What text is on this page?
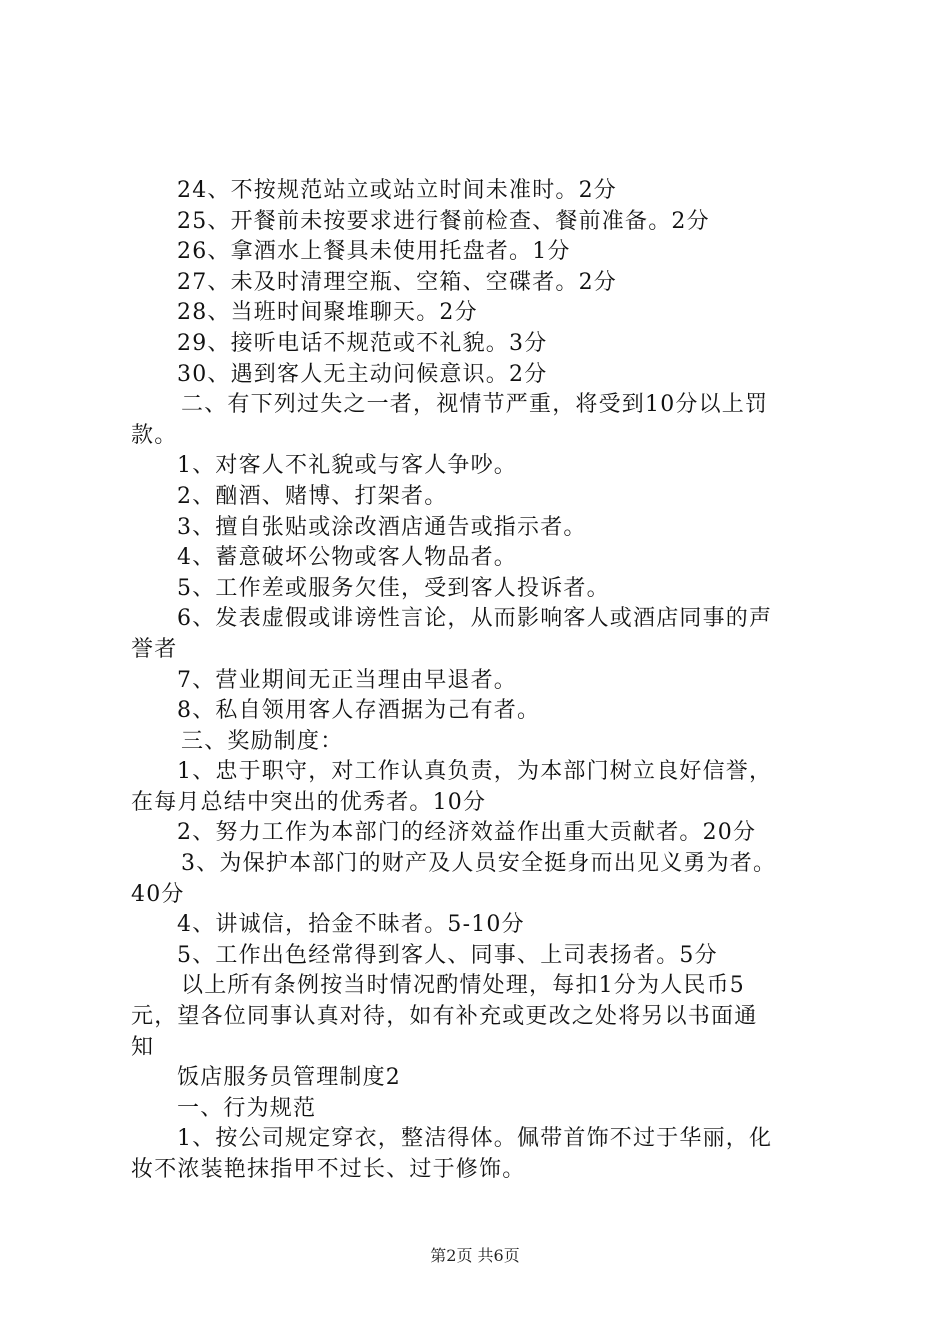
24、不按规范站立或站立时间未准时。2分
25、开餐前未按要求进行餐前检查、餐前准备。2分
26、拿酒水上餐具未使用托盘者。1分
27、未及时清理空瓶、空箱、空碟者。2分
28、当班时间聚堆聊天。2分
29、接听电话不规范或不礼貌。3分
30、遇到客人无主动问候意识。2分
二、有下列过失之一者，视情节严重，将受到10分以上罚
款。
1、对客人不礼貌或与客人争吵。
2、酗酒、赌博、打架者。
3、擅自张贴或涂改酒店通告或指示者。
4、蓄意破坏公物或客人物品者。
5、工作差或服务欠佳，受到客人投诉者。
6、发表虚假或诽谤性言论，从而影响客人或酒店同事的声
誉者
7、营业期间无正当理由早退者。
8、私自领用客人存酒据为己有者。
三、奖励制度：
1、忠于职守，对工作认真负责，为本部门树立良好信誉，
在每月总结中突出的优秀者。10分
2、努力工作为本部门的经济效益作出重大贡献者。20分
3、为保护本部门的财产及人员安全挺身而出见义勇为者。
40分
4、讲诚信，拾金不昧者。5-10分
5、工作出色经常得到客人、同事、上司表扬者。5分
以上所有条例按当时情况酌情处理，每扣1分为人民币5
元，望各位同事认真对待，如有补充或更改之处将另以书面通
知
饭店服务员管理制度2
一、行为规范
1、按公司规定穿衣，整洁得体。佩带首饰不过于华丽，化
妆不浓装艳抹指甲不过长、过于修饰。
第2页 共6页
